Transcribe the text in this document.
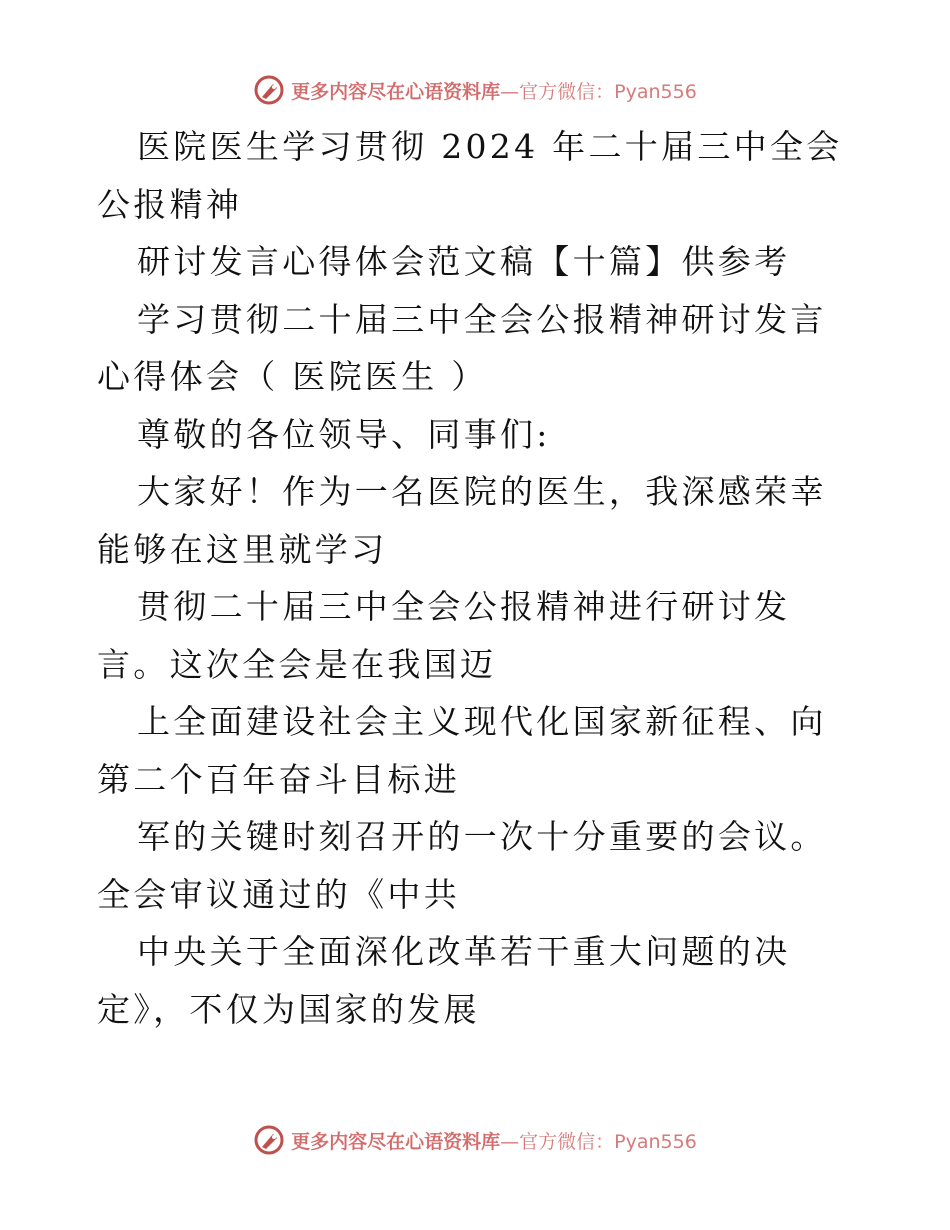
更多内容尽在心语资料库—官方微信：Pyan556

医院医生学习贯彻 2024 年二十届三中全会公报精神

研讨发言心得体会范文稿【十篇】供参考

学习贯彻二十届三中全会公报精神研讨发言心得体会（ 医院医生 ）

尊敬的各位领导、同事们:

大家好！作为一名医院的医生，我深感荣幸能够在这里就学习

贯彻二十届三中全会公报精神进行研讨发言。这次全会是在我国迈

上全面建设社会主义现代化国家新征程、向第二个百年奋斗目标进

军的关键时刻召开的一次十分重要的会议。 全会审议通过的《中共

中央关于全面深化改革若干重大问题的决定》，不仅为国家的发展

更多内容尽在心语资料库—官方微信：Pyan556
